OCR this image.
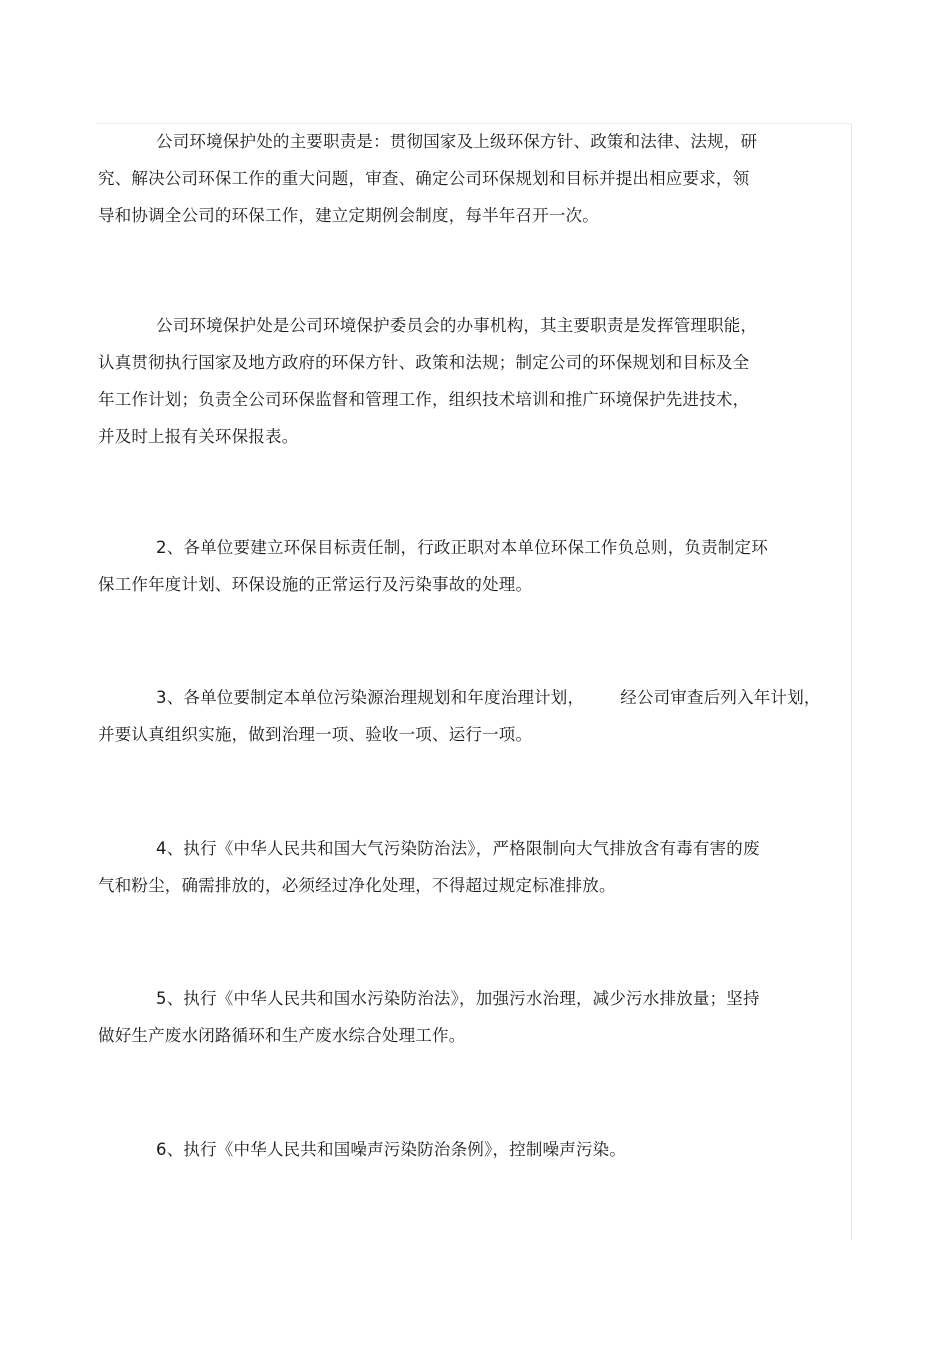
公司环境保护处的主要职责是：贯彻国家及上级环保方针、政策和法律、法规，研
究、解决公司环保工作的重大问题，审查、确定公司环保规划和目标并提出相应要求，领
导和协调全公司的环保工作，建立定期例会制度，每半年召开一次。
公司环境保护处是公司环境保护委员会的办事机构，其主要职责是发挥管理职能，
认真贯彻执行国家及地方政府的环保方针、政策和法规；制定公司的环保规划和目标及全
年工作计划；负责全公司环保监督和管理工作，组织技术培训和推广环境保护先进技术，
并及时上报有关环保报表。
2、各单位要建立环保目标责任制，行政正职对本单位环保工作负总则，负责制定环
保工作年度计划、环保设施的正常运行及污染事故的处理。
3、各单位要制定本单位污染源治理规划和年度治理计划， 经公司审查后列入年计划，
并要认真组织实施，做到治理一项、验收一项、运行一项。
4、执行《中华人民共和国大气污染防治法》，严格限制向大气排放含有毒有害的废
气和粉尘，确需排放的，必须经过净化处理，不得超过规定标准排放。
5、执行《中华人民共和国水污染防治法》，加强污水治理，减少污水排放量；坚持
做好生产废水闭路循环和生产废水综合处理工作。
6、执行《中华人民共和国噪声污染防治条例》，控制噪声污染。
